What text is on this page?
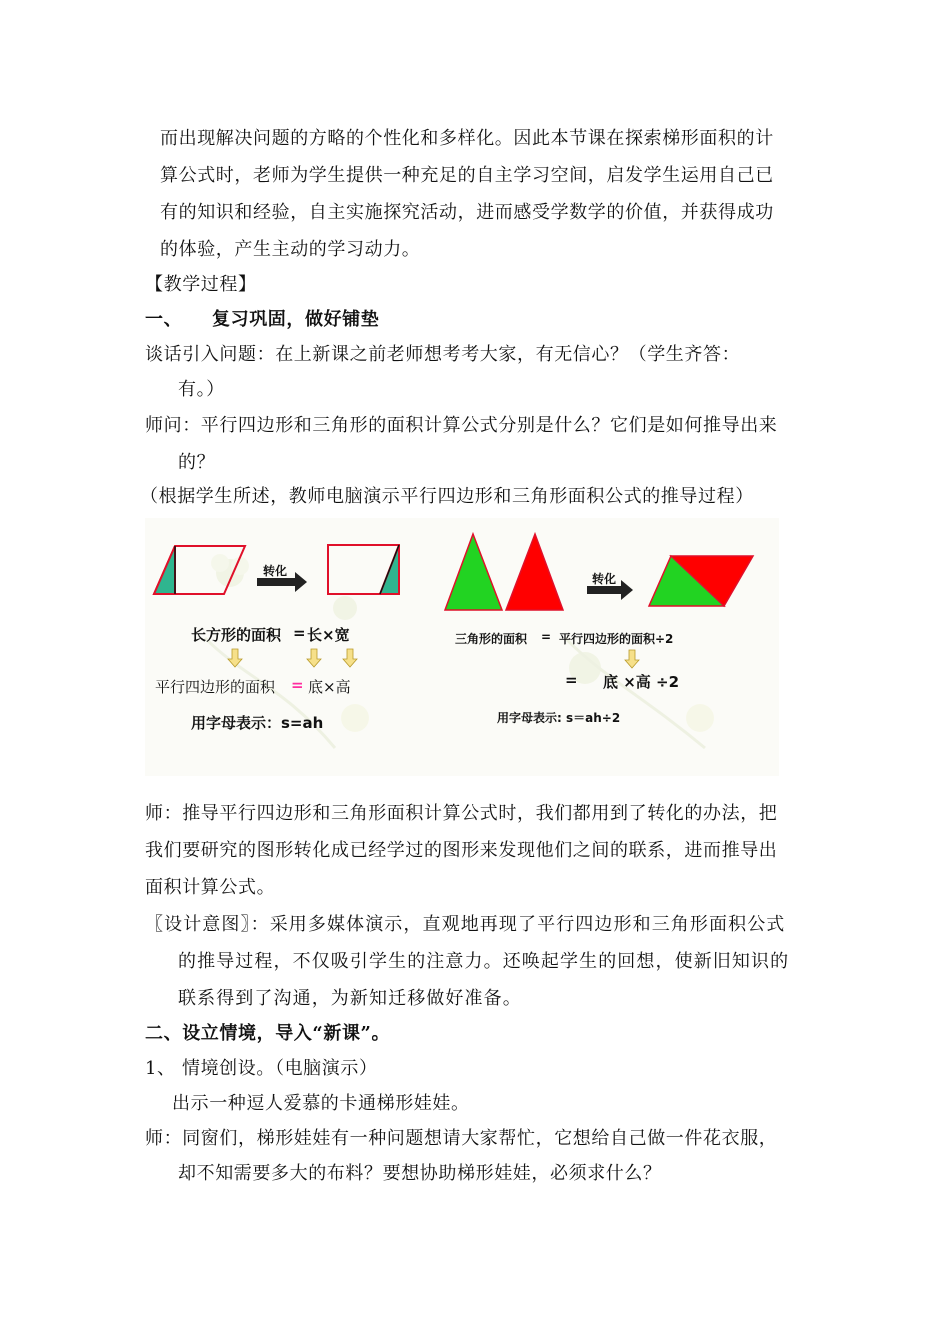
而出现解决问题的方略的个性化和多样化。因此本节课在探索梯形面积的计
算公式时，老师为学生提供一种充足的自主学习空间，启发学生运用自己已
有的知识和经验，自主实施探究活动，进而感受学数学的价值，并获得成功
的体验，产生主动的学习动力。
【教学过程】
一、 复习巩固，做好铺垫
谈话引入问题：在上新课之前老师想考考大家，有无信心？（学生齐答：
有。）
师问：平行四边形和三角形的面积计算公式分别是什么？它们是如何推导出来
的？
（根据学生所述，教师电脑演示平行四边形和三角形面积公式的推导过程）
转化
转化
长方形的面积 = 长×宽
平行四边形的面积 = 底×高
用字母表示：s=ah
三角形的面积 = 平行四边形的面积÷2
= 底 ×高 ÷2
用字母表示: s＝ah÷2
师：推导平行四边形和三角形面积计算公式时，我们都用到了转化的办法，把
我们要研究的图形转化成已经学过的图形来发现他们之间的联系，进而推导出
面积计算公式。
〖设计意图〗：采用多媒体演示，直观地再现了平行四边形和三角形面积公式
的推导过程，不仅吸引学生的注意力。还唤起学生的回想，使新旧知识的
联系得到了沟通，为新知迁移做好准备。
二、设立情境，导入“新课”。
1、 情境创设。（电脑演示）
出示一种逗人爱慕的卡通梯形娃娃。
师：同窗们，梯形娃娃有一种问题想请大家帮忙，它想给自己做一件花衣服，
却不知需要多大的布料？要想协助梯形娃娃，必须求什么？
